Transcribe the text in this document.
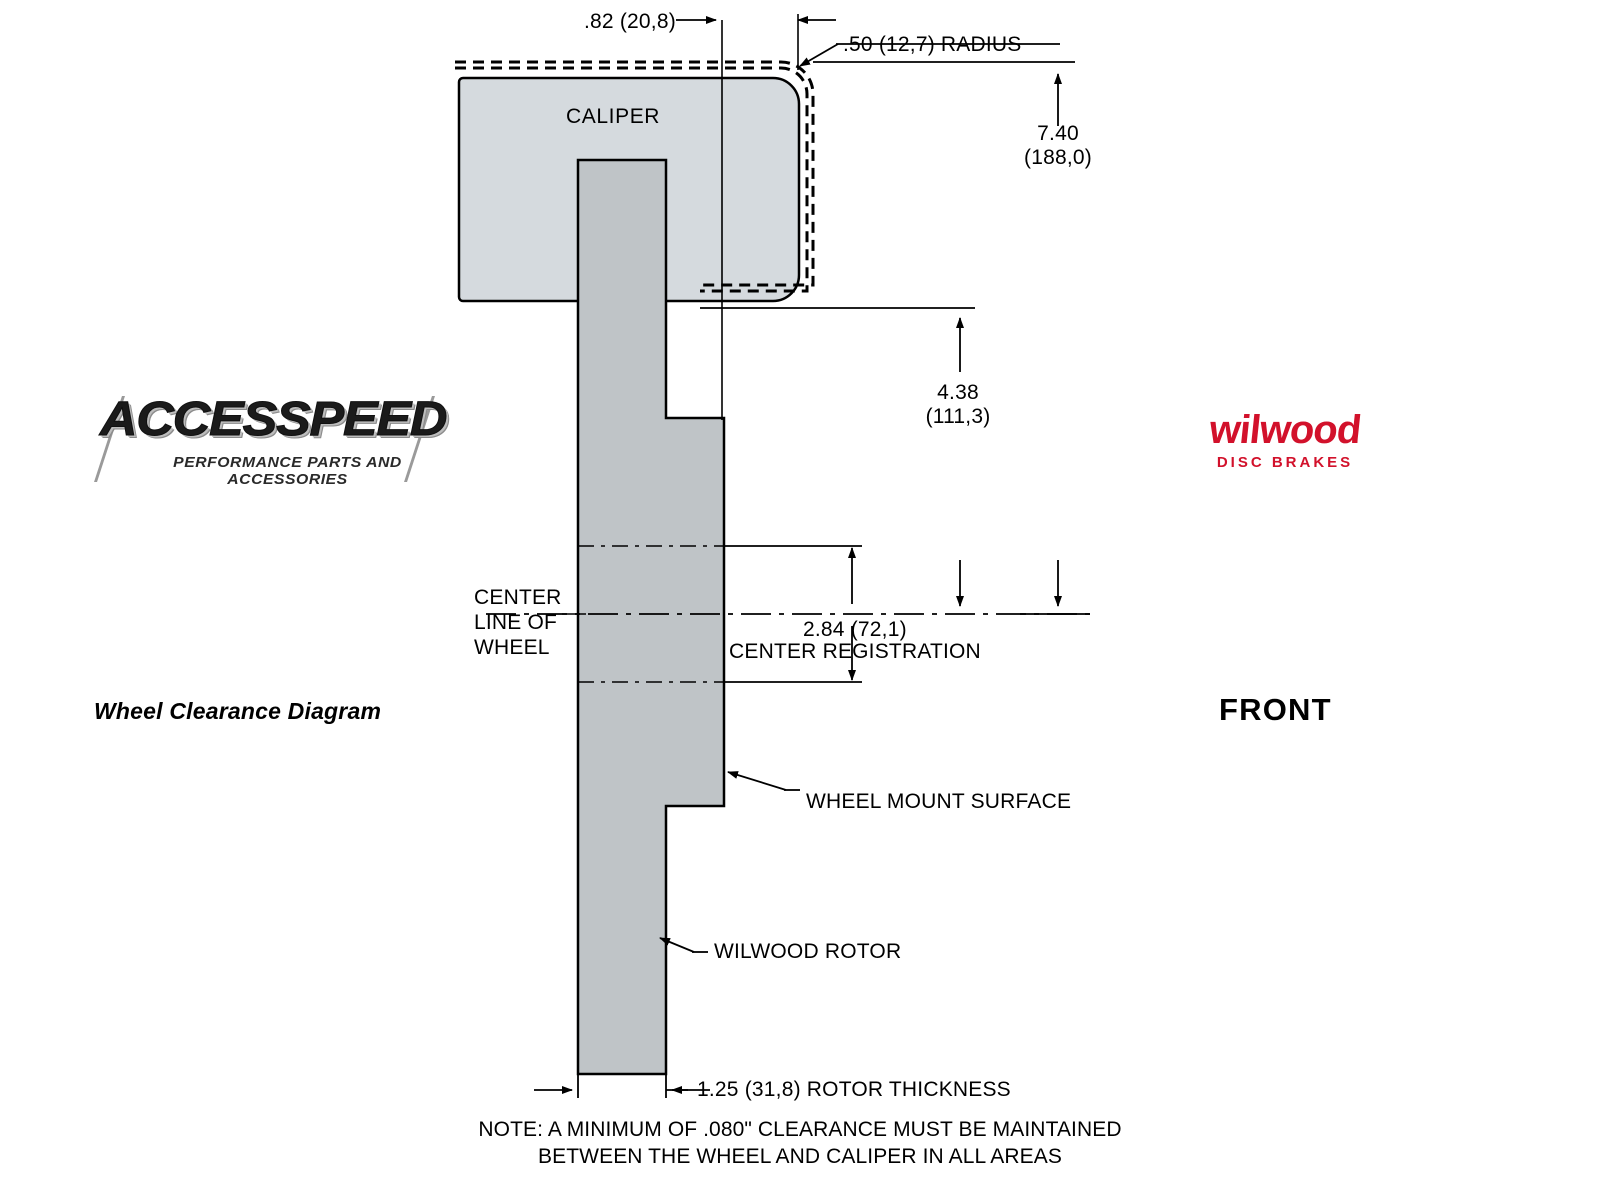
.82 (20,8)
.50 (12,7) RADIUS
7.40
(188,0)
4.38
(111,3)
CALIPER
CENTER
LINE OF
WHEEL
2.84 (72,1)
CENTER REGISTRATION
Wheel Clearance Diagram	FRONT
WHEEL MOUNT SURFACE
WILWOOD ROTOR
1.25 (31,8) ROTOR THICKNESS
NOTE: A MINIMUM OF .080" CLEARANCE MUST BE MAINTAINED
BETWEEN THE WHEEL AND CALIPER IN ALL AREAS
ACCESSPEED
PERFORMANCE PARTS AND ACCESSORIES
wilwood
DISC BRAKES
